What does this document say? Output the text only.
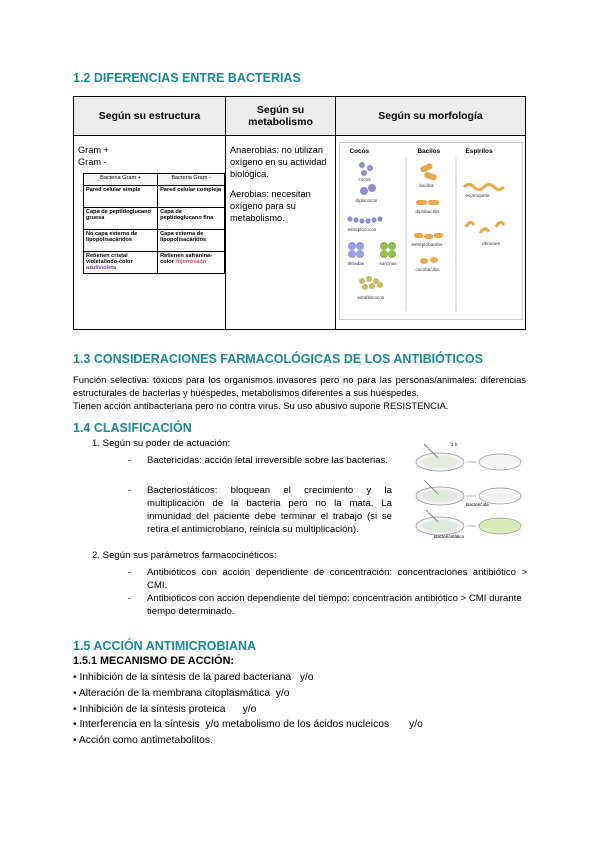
1.2 DIFERENCIAS ENTRE BACTERIAS
Según su estructura	Según su metabolismo	Según su morfología

Gram +
Gram -
Bacteria Gram +	Bacteria Gram -
Pared celular simple	Pared celular compleja
Capa de peptidoglucano gruesa	Capa de peptidoglucano fina
No capa externa de lipopolisacáridos	Capa externa de lipopolisacáridos
Retienen cristal violeta/iodo-color azul/violeta	Retienen safranina-color rojo/rosado

Anaerobias: no utilizan oxígeno en su actividad biológica.
Aerobias: necesitan oxígeno para su metabolismo.

Cocos	Bacilos	Espirilos
cocos
diplococos
estreptococos
tétradas	sarcinas
estafilococos
bacilos
diplobacilos
estreptobacilos
cocobacilos
espiroqueta
vibriones
1.3 CONSIDERACIONES FARMACOLÓGICAS DE LOS ANTIBIÓTICOS
Función selectiva: tóxicos para los organismos invasores pero no para las personas/animales: diferencias estructurales de bacterias y huéspedes, metabolismos diferentes a sus huéspedes.
Tienen acción antibacteriana pero no contra virus. Su uso abusivo supone RESISTENCIA.
1.4 CLASIFICACIÓN
1. Según su poder de actuación:
- Bactericidas: acción letal irreversible sobre las bacterias.
- Bacteriostáticos: bloquean el crecimiento y la multiplicación de la bacteria pero no la mata. La inmunidad del paciente debe terminar el trabajo (si se retira el antimicrobiano, reinicia su multiplicación).
1 h
Bactericida
Bacteriostático
2. Según sus parámetros farmacocinéticos:
- Antibióticos con acción dependiente de concentración: concentraciones antibiótico > CMI.
- Antibióticos con acción dependiente del tiempo: concentración antibiótico > CMI durante tiempo determinado.
1.5 ACCIÓN ANTIMICROBIANA
1.5.1 MECANISMO DE ACCIÓN:
• Inhibición de la síntesis de la pared bacteriana   y/o
• Alteración de la membrana citoplasmática  y/o
• Inhibición de la síntesis proteica      y/o
• Interferencia en la síntesis  y/o metabolismo de los ácidos nucleicos       y/o
• Acción como antimetabolitos.
